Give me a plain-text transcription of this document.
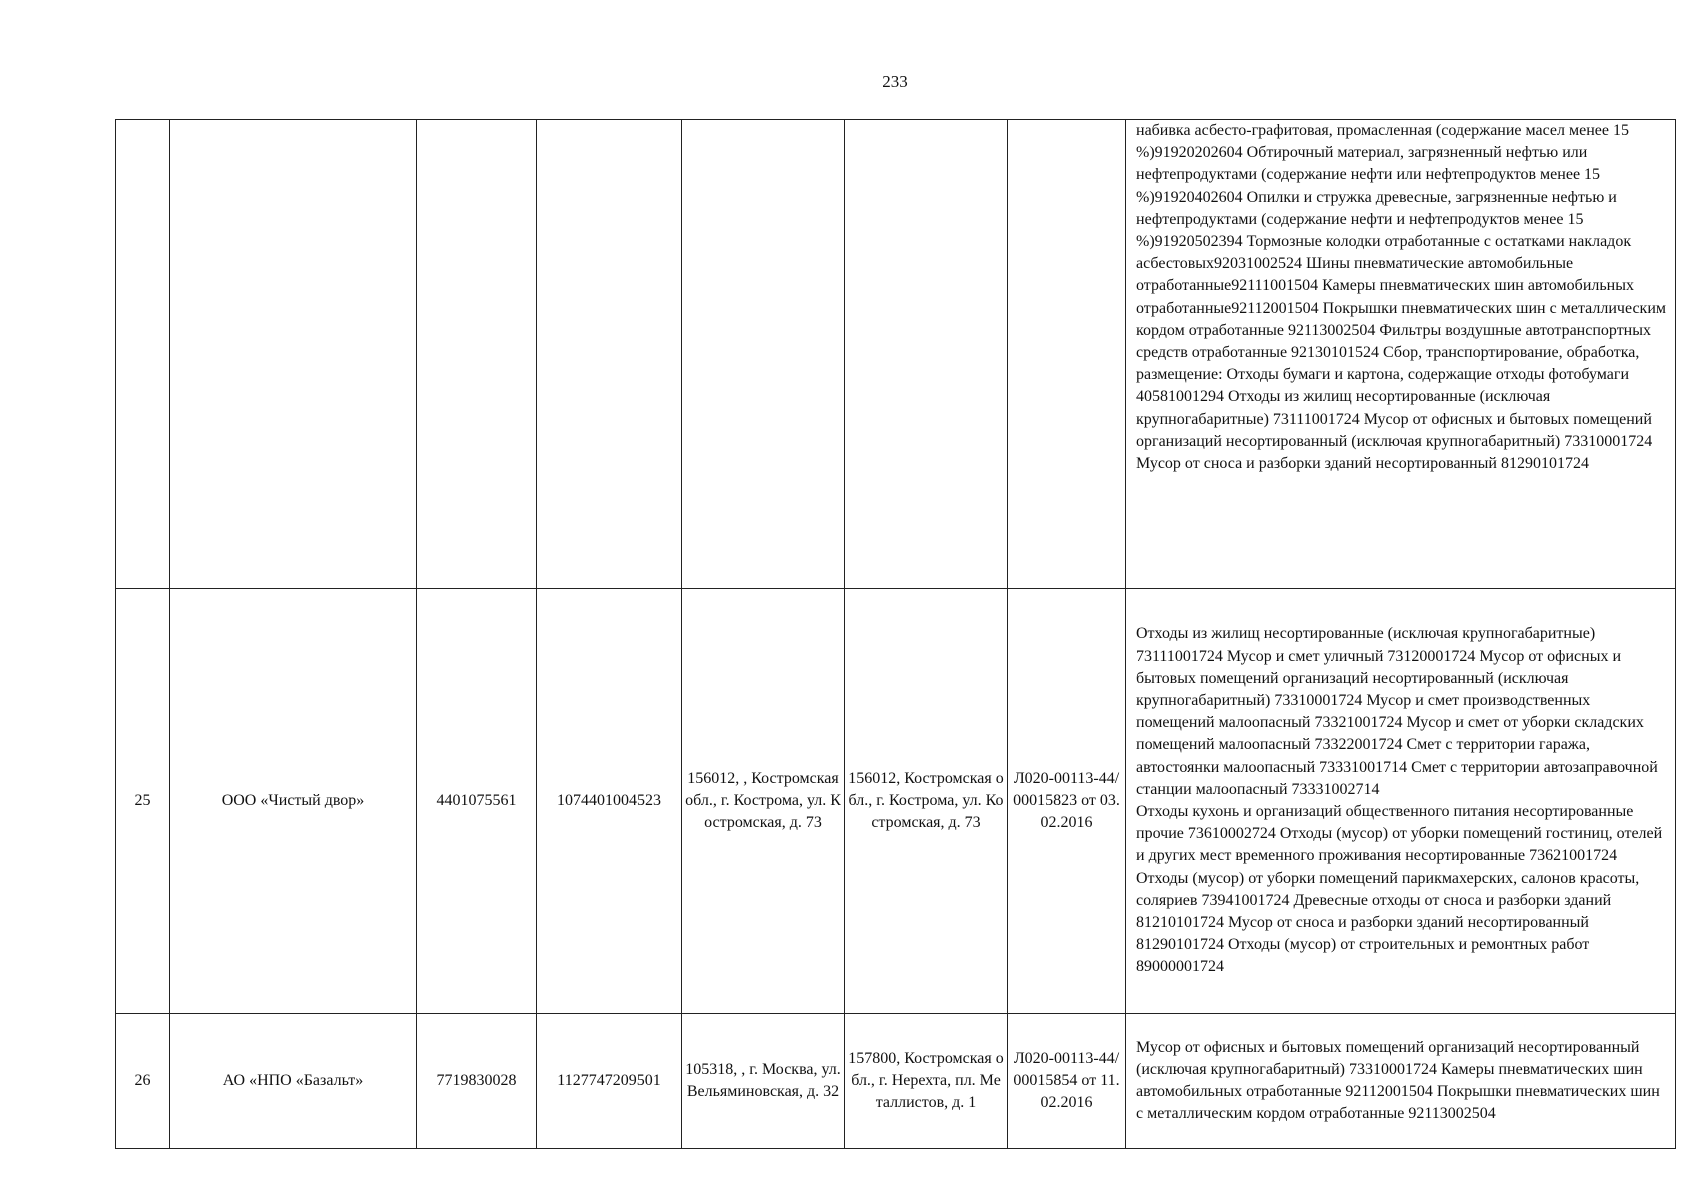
233
							набивка асбесто-графитовая, промасленная (содержание масел менее 15 %)91920202604 Обтирочный материал, загрязненный нефтью или нефтепродуктами (содержание нефти или нефтепродуктов менее 15 %)91920402604 Опилки и стружка древесные, загрязненные нефтью и нефтепродуктами (содержание нефти и нефтепродуктов менее 15 %)91920502394 Тормозные колодки отработанные с остатками накладок асбестовых92031002524 Шины пневматические автомобильные отработанные92111001504 Камеры пневматических шин автомобильных отработанные92112001504 Покрышки пневматических шин с металлическим кордом отработанные 92113002504 Фильтры воздушные автотранспортных средств отработанные 92130101524 Сбор, транспортирование, обработка, размещение: Отходы бумаги и картона, содержащие отходы фотобумаги 40581001294 Отходы из жилищ несортированные (исключая крупногабаритные) 73111001724 Мусор от офисных и бытовых помещений организаций несортированный (исключая крупногабаритный) 73310001724 Мусор от сноса и разборки зданий несортированный 81290101724
25	ООО «Чистый двор»	4401075561	1074401004523	156012, , Костромская обл., г. Кострома, ул. Костромская, д. 73	156012, Костромская обл., г. Кострома, ул. Костромская, д. 73	Л020-00113-44/00015823 от 03.02.2016	Отходы из жилищ несортированные (исключая крупногабаритные) 73111001724 Мусор и смет уличный 73120001724 Мусор от офисных и бытовых помещений организаций несортированный (исключая крупногабаритный) 73310001724 Мусор и смет производственных помещений малоопасный 73321001724 Мусор и смет от уборки складских помещений малоопасный 73322001724 Смет с территории гаража, автостоянки малоопасный 73331001714 Смет с территории автозаправочной станции малоопасный 73331002714
Отходы кухонь и организаций общественного питания несортированные прочие 73610002724 Отходы (мусор) от уборки помещений гостиниц, отелей и других мест временного проживания несортированные 73621001724 Отходы (мусор) от уборки помещений парикмахерских, салонов красоты, соляриев 73941001724 Древесные отходы от сноса и разборки зданий 81210101724 Мусор от сноса и разборки зданий несортированный 81290101724 Отходы (мусор) от строительных и ремонтных работ 89000001724
26	АО «НПО «Базальт»	7719830028	1127747209501	105318, , г. Москва, ул. Вельяминовская, д. 32	157800, Костромская обл., г. Нерехта, пл. Металлистов, д. 1	Л020-00113-44/00015854 от 11.02.2016	Мусор от офисных и бытовых помещений организаций несортированный (исключая крупногабаритный) 73310001724 Камеры пневматических шин автомобильных отработанные 92112001504 Покрышки пневматических шин с металлическим кордом отработанные 92113002504
